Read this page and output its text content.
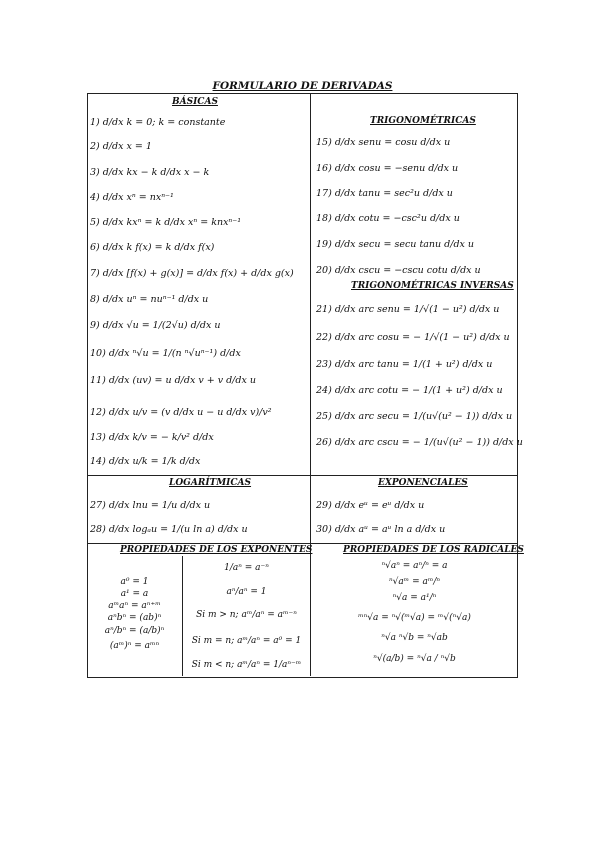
FORMULARIO DE DERIVADAS
BÁSICAS
TRIGONOMÉTRICAS
TRIGONOMÉTRICAS INVERSAS
LOGARÍTMICAS	EXPONENCIALES
PROPIEDADES DE LOS EXPONENTES	PROPIEDADES DE LOS RADICALES
1) d/dx k = 0; k = constante
2) d/dx x = 1
3) d/dx kx − k d/dx x − k
4) d/dx xⁿ = nxⁿ⁻¹
5) d/dx kxⁿ = k d/dx xⁿ = knxⁿ⁻¹
6) d/dx k f(x) = k d/dx f(x)
7) d/dx [f(x) + g(x)] = d/dx f(x) + d/dx g(x)
8) d/dx uⁿ = nuⁿ⁻¹ d/dx u
9) d/dx √u = 1/(2√u) d/dx u
10) d/dx ⁿ√u = 1/(n ⁿ√uⁿ⁻¹) d/dx
11) d/dx (uv) = u d/dx v + v d/dx u
12) d/dx u/v = (v d/dx u − u d/dx v)/v²
13) d/dx k/v = − k/v² d/dx
14) d/dx u/k = 1/k d/dx
15) d/dx senu = cosu d/dx u
16) d/dx cosu = −senu d/dx u
17) d/dx tanu = sec²u d/dx u
18) d/dx cotu = −csc²u d/dx u
19) d/dx secu = secu tanu d/dx u
20) d/dx cscu = −cscu cotu d/dx u
21) d/dx arc senu = 1/√(1 − u²) d/dx u
22) d/dx arc cosu = − 1/√(1 − u²) d/dx u
23) d/dx arc tanu = 1/(1 + u²) d/dx u
24) d/dx arc cotu = − 1/(1 + u²) d/dx u
25) d/dx arc secu = 1/(u√(u² − 1)) d/dx u
26) d/dx arc cscu = − 1/(u√(u² − 1)) d/dx u
27) d/dx lnu = 1/u d/dx u
28) d/dx logₐu = 1/(u ln a) d/dx u
29) d/dx eᵘ = eᵘ d/dx u
30) d/dx aᵘ = aᵘ ln a d/dx u
a⁰ = 1
a¹ = a
aᵐaⁿ = aⁿ⁺ᵐ
aⁿbⁿ = (ab)ⁿ
aⁿ/bⁿ = (a/b)ⁿ
(aᵐ)ⁿ = aᵐⁿ
1/aⁿ = a⁻ⁿ
aⁿ/aⁿ = 1
Si m > n; aᵐ/aⁿ = aᵐ⁻ⁿ
Si m = n; aᵐ/aⁿ = a⁰ = 1
Si m < n; aᵐ/aⁿ = 1/aⁿ⁻ᵐ
ⁿ√aⁿ = aⁿ/ⁿ = a
ⁿ√aᵐ = aᵐ/ⁿ
ⁿ√a = a¹/ⁿ
ᵐⁿ√a = ⁿ√(ᵐ√a) = ᵐ√(ⁿ√a)
ⁿ√a ⁿ√b = ⁿ√ab
ⁿ√(a/b) = ⁿ√a / ⁿ√b
